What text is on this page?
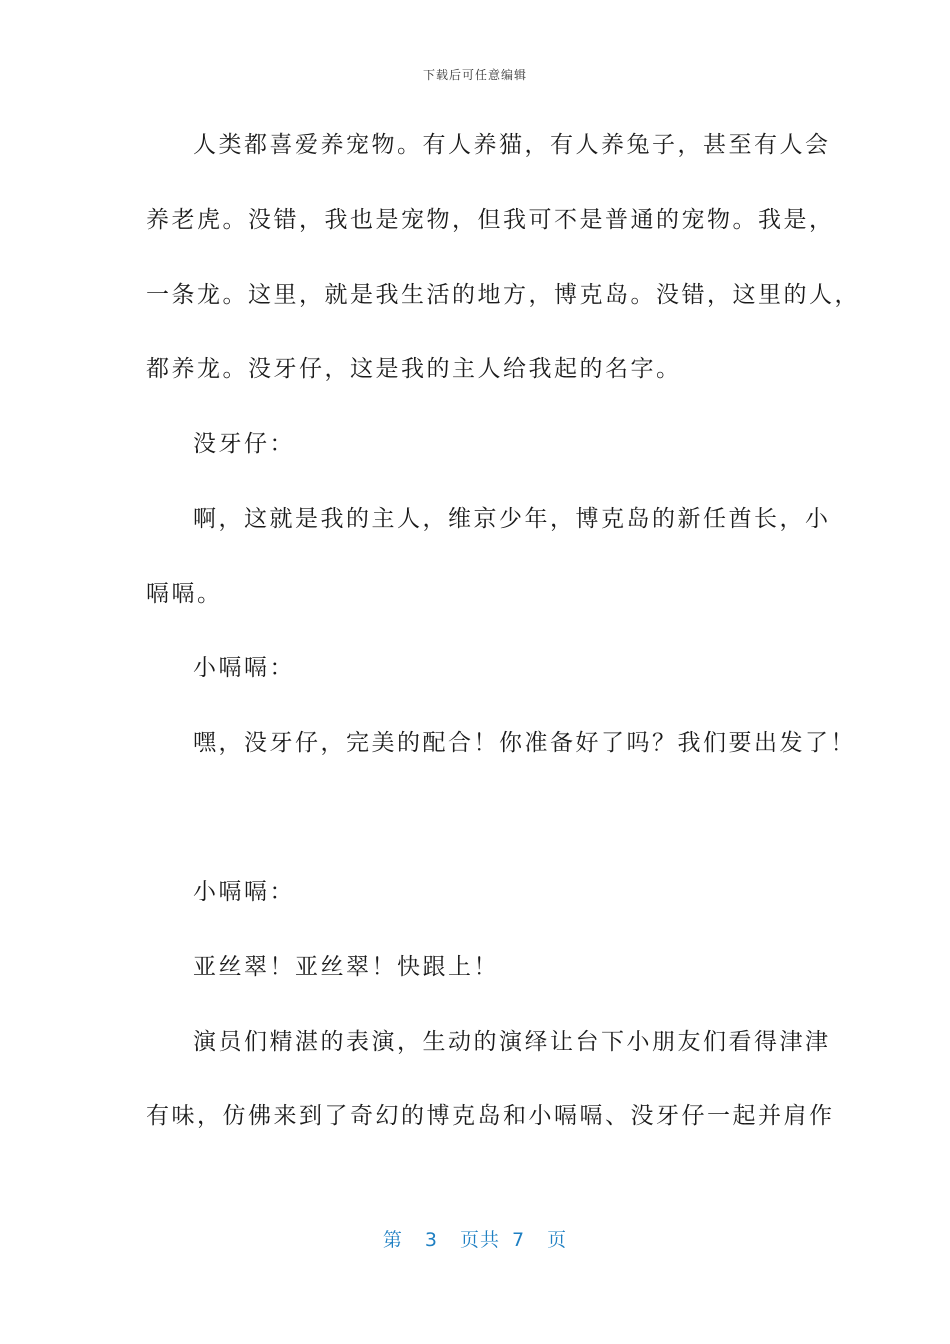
下载后可任意编辑
人类都喜爱养宠物。有人养猫，有人养兔子，甚至有人会
养老虎。没错，我也是宠物，但我可不是普通的宠物。我是，
一条龙。这里，就是我生活的地方，博克岛。没错，这里的人，
都养龙。没牙仔，这是我的主人给我起的名字。
没牙仔：
啊，这就是我的主人，维京少年，博克岛的新任酋长，小
嗝嗝。
小嗝嗝：
嘿，没牙仔，完美的配合！你准备好了吗？我们要出发了！
小嗝嗝：
亚丝翠！亚丝翠！快跟上！
演员们精湛的表演，生动的演绎让台下小朋友们看得津津
有味，仿佛来到了奇幻的博克岛和小嗝嗝、没牙仔一起并肩作
第 3 页共 7 页
